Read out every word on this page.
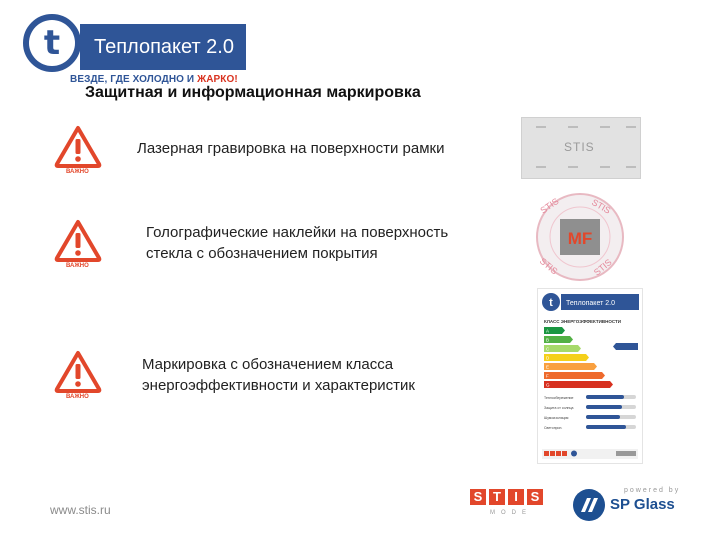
t 2D
Теплопакет 2.0
ВЕЗДЕ, ГДЕ ХОЛОДНО И ЖАРКО!
Защитная и информационная маркировка
ВАЖНО
Лазерная гравировка на поверхности рамки
ВАЖНО
Голографические наклейки на поверхность
стекла с обозначением покрытия
ВАЖНО
Маркировка с обозначением класса
энергоэффективности и характеристик
STIS
STIS	STIS
STIS	STIS
MF
t Теплопакет 2.0
КЛАСС ЭНЕРГОЭФФЕКТИВНОСТИ
A
B
C
D
E
F
G
Теплосбережение
Защита от солнца
Шумоизоляция
Светопроп.
www.stis.ru
S T I S
MODE
powered by
SP Glass
